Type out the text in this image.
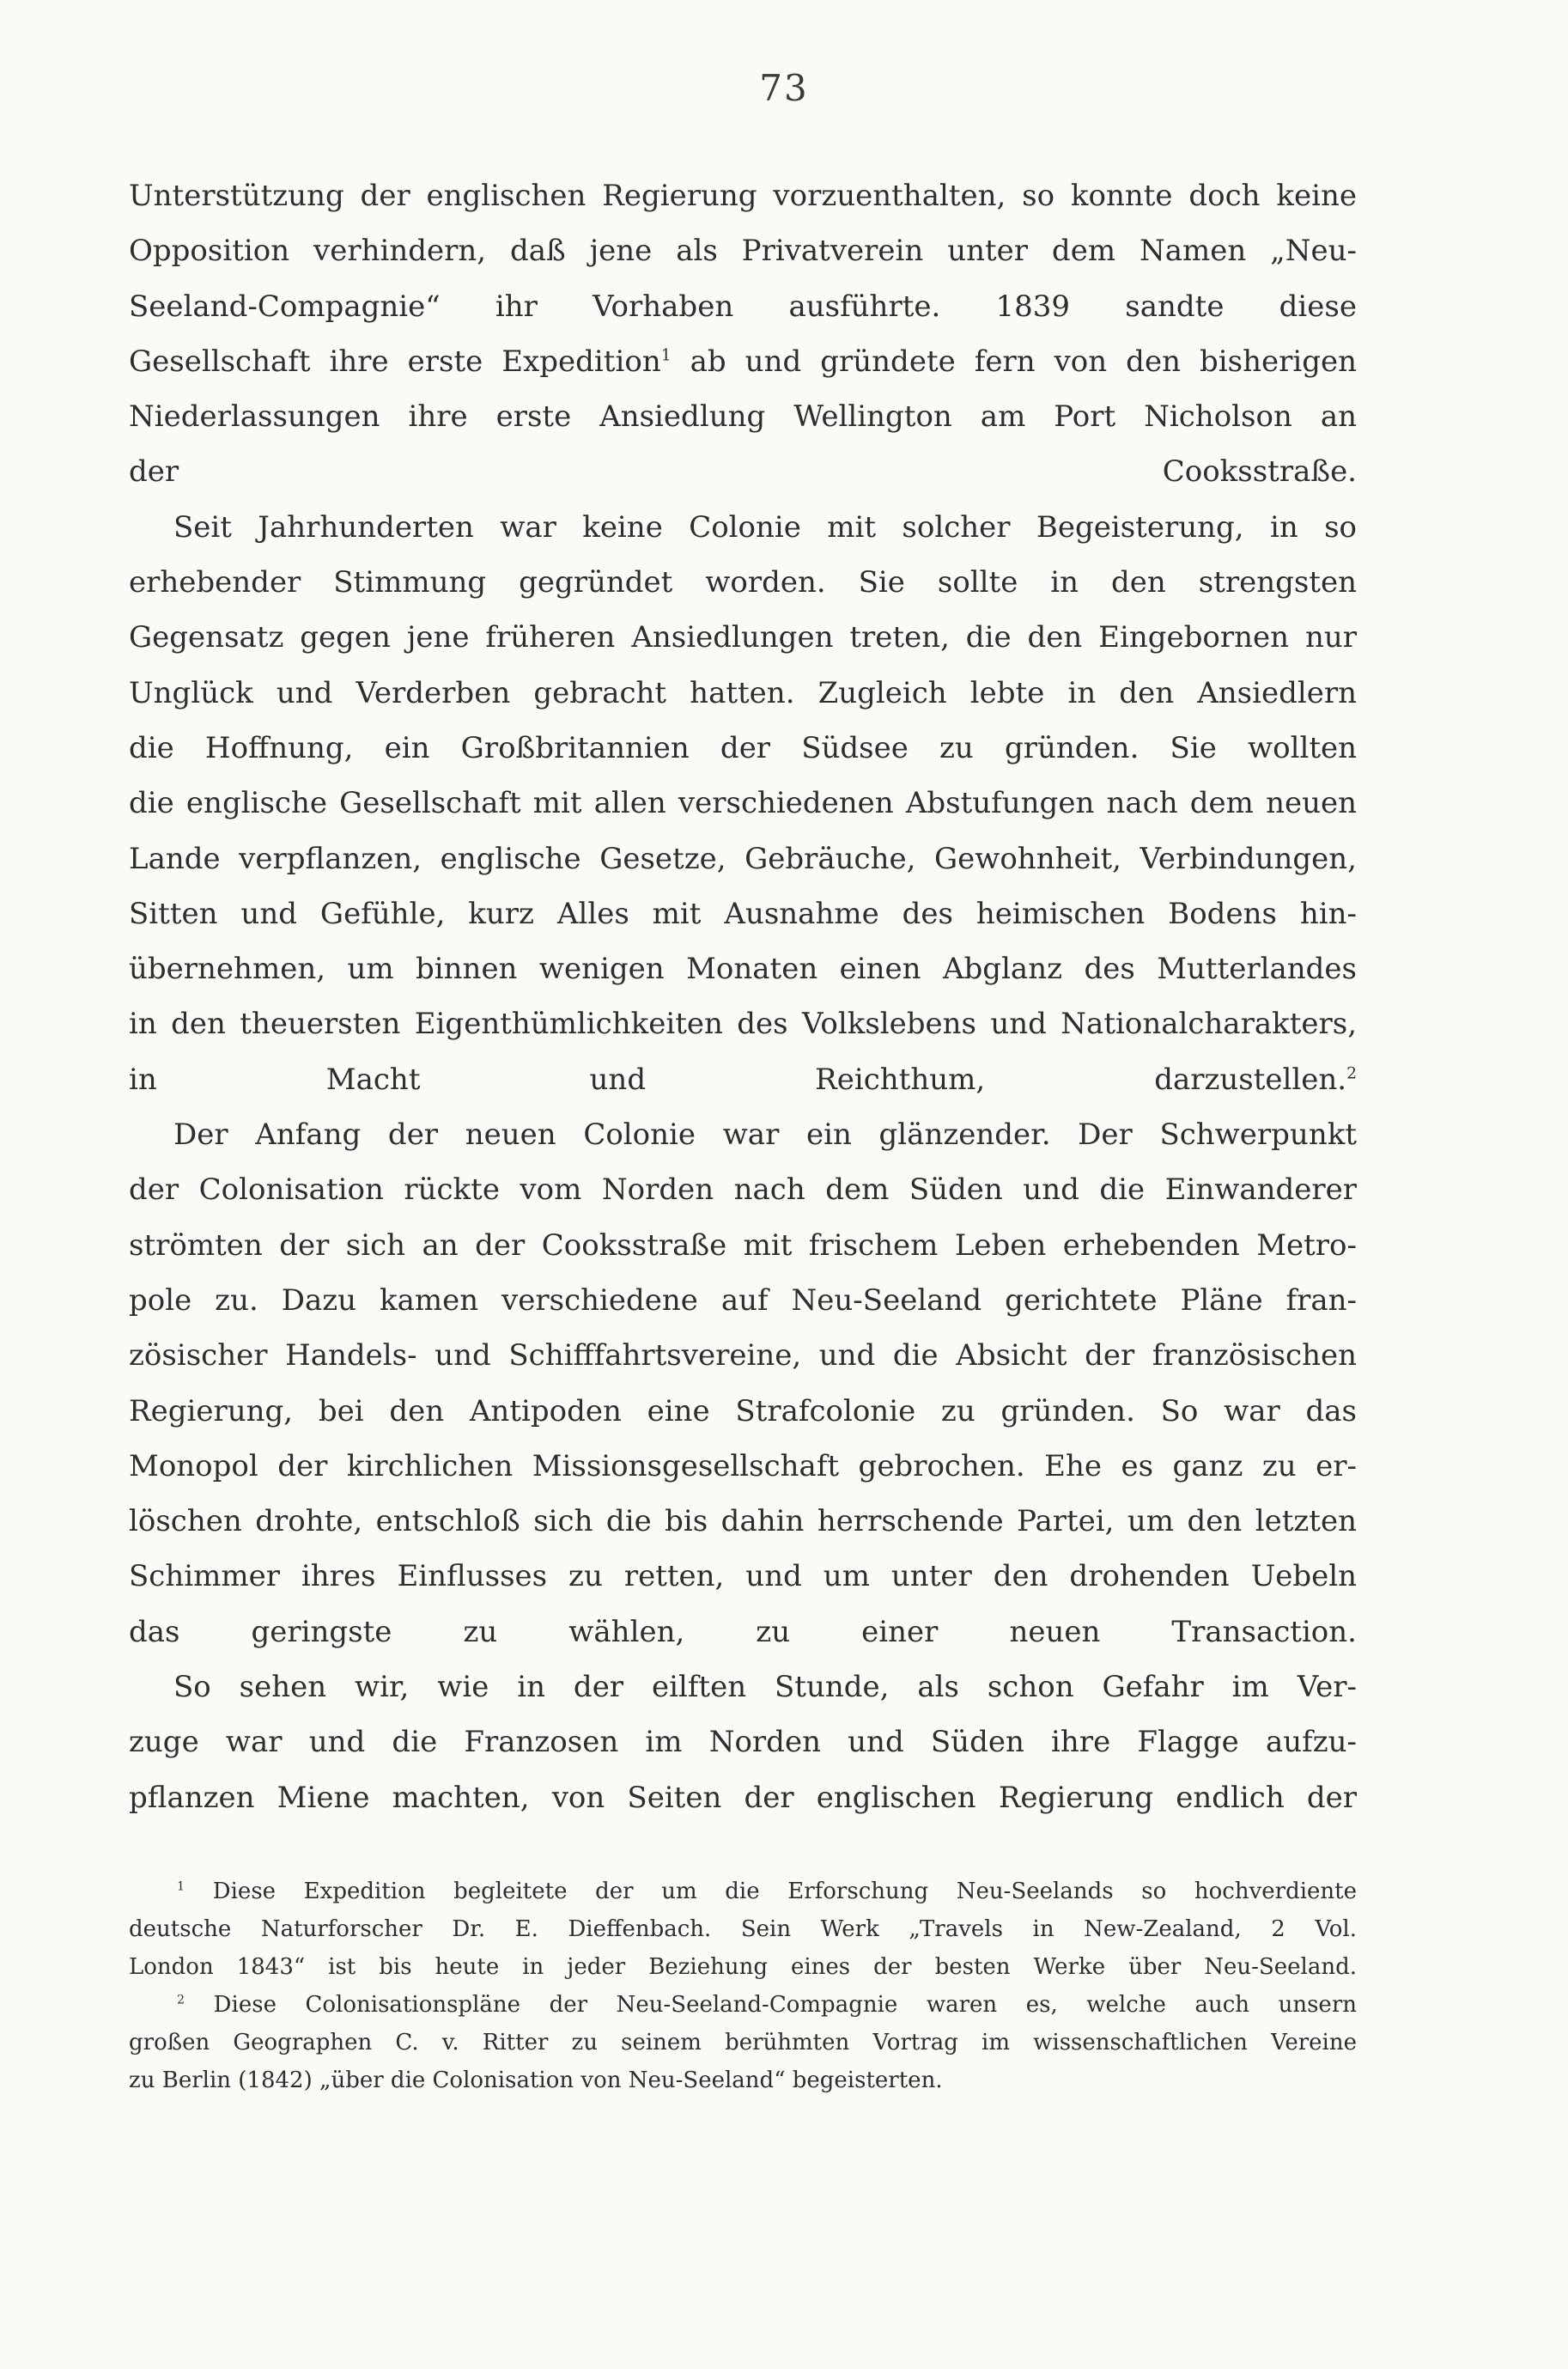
73

Unterstützung der englischen Regierung vorzuenthalten, so konnte doch keine
Opposition verhindern, daß jene als Privatverein unter dem Namen „Neu-
Seeland-Compagnie“ ihr Vorhaben ausführte. 1839 sandte diese
Gesellschaft ihre erste Expedition$^1$ ab und gründete fern von den bisherigen
Niederlassungen ihre erste Ansiedlung Wellington am Port Nicholson an
der Cooksstraße.

Seit Jahrhunderten war keine Colonie mit solcher Begeisterung, in so
erhebender Stimmung gegründet worden. Sie sollte in den strengsten
Gegensatz gegen jene früheren Ansiedlungen treten, die den Eingebornen nur
Unglück und Verderben gebracht hatten. Zugleich lebte in den Ansiedlern
die Hoffnung, ein Großbritannien der Südsee zu gründen. Sie wollten
die englische Gesellschaft mit allen verschiedenen Abstufungen nach dem neuen
Lande verpflanzen, englische Gesetze, Gebräuche, Gewohnheit, Verbindungen,
Sitten und Gefühle, kurz Alles mit Ausnahme des heimischen Bodens hin-
übernehmen, um binnen wenigen Monaten einen Abglanz des Mutterlandes
in den theuersten Eigenthümlichkeiten des Volkslebens und Nationalcharakters,
in Macht und Reichthum, darzustellen.$^2$

Der Anfang der neuen Colonie war ein glänzender. Der Schwerpunkt
der Colonisation rückte vom Norden nach dem Süden und die Einwanderer
strömten der sich an der Cooksstraße mit frischem Leben erhebenden Metro-
pole zu. Dazu kamen verschiedene auf Neu-Seeland gerichtete Pläne fran-
zösischer Handels- und Schifffahrtsvereine, und die Absicht der französischen
Regierung, bei den Antipoden eine Strafcolonie zu gründen. So war das
Monopol der kirchlichen Missionsgesellschaft gebrochen. Ehe es ganz zu er-
löschen drohte, entschloß sich die bis dahin herrschende Partei, um den letzten
Schimmer ihres Einflusses zu retten, und um unter den drohenden Uebeln
das geringste zu wählen, zu einer neuen Transaction.

So sehen wir, wie in der eilften Stunde, als schon Gefahr im Ver-
zuge war und die Franzosen im Norden und Süden ihre Flagge aufzu-
pflanzen Miene machten, von Seiten der englischen Regierung endlich der

$^1$ Diese Expedition begleitete der um die Erforschung Neu-Seelands so hochverdiente
deutsche Naturforscher Dr. E. Dieffenbach. Sein Werk „Travels in New-Zealand, 2 Vol.
London 1843“ ist bis heute in jeder Beziehung eines der besten Werke über Neu-Seeland.

$^2$ Diese Colonisationspläne der Neu-Seeland-Compagnie waren es, welche auch unsern
großen Geographen C. v. Ritter zu seinem berühmten Vortrag im wissenschaftlichen Vereine
zu Berlin (1842) „über die Colonisation von Neu-Seeland“ begeisterten.
